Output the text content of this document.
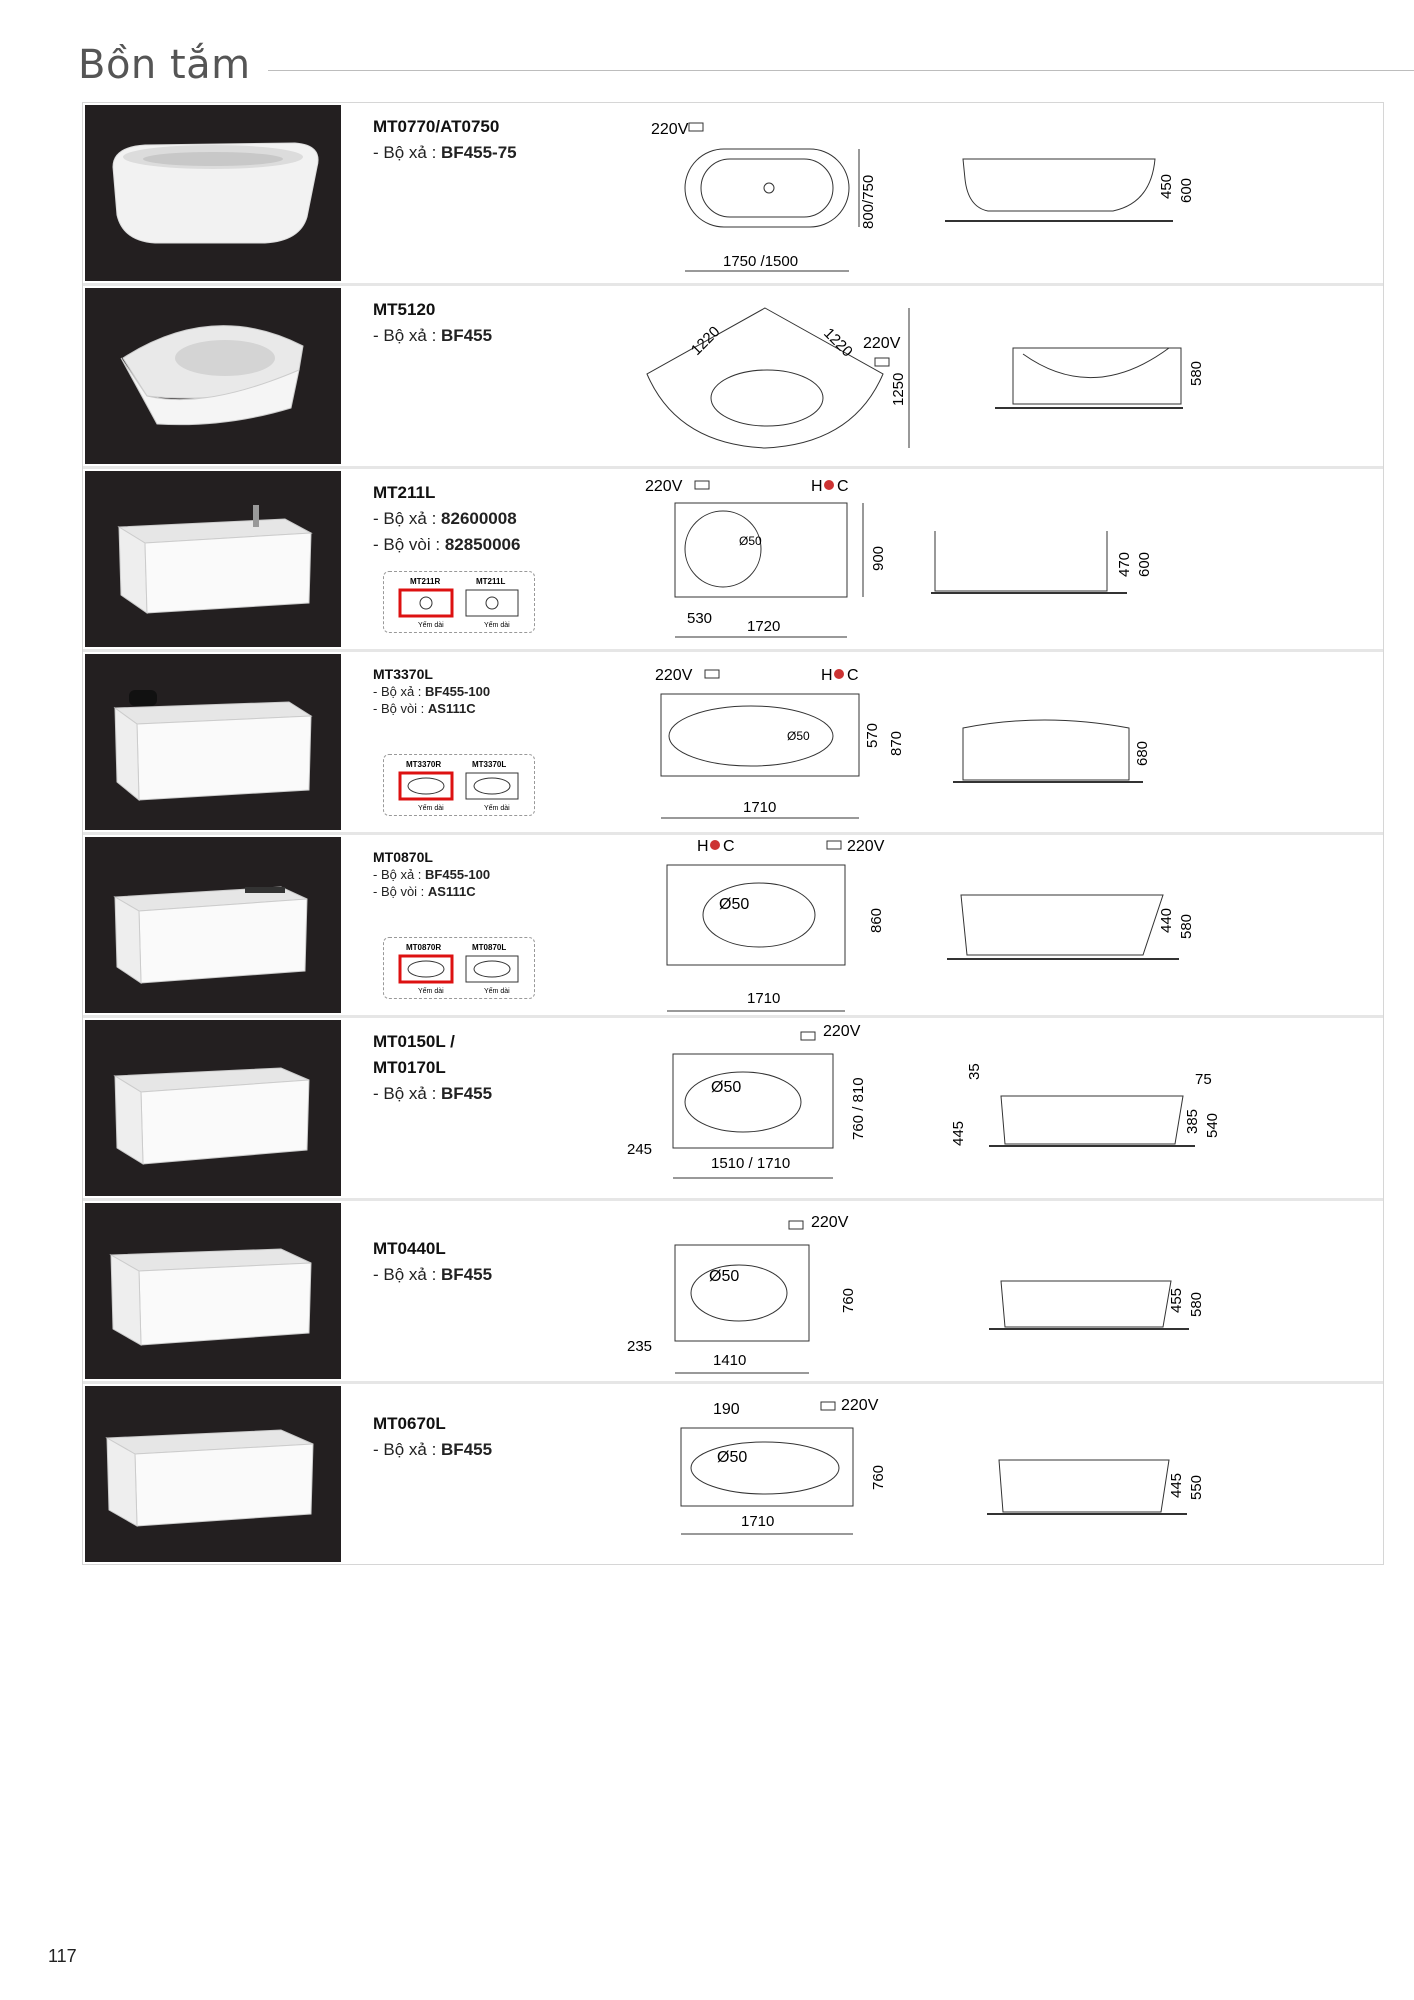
Bồn tắm
MT0770/AT0750
- Bộ xả : BF455-75
220V
1750 /1500
800/750	450 600
MT5120
- Bộ xả : BF455	1220	1220 220V
1250	580
MT211L
- Bộ xả : 82600008
- Bộ vòi : 82850006
MT211R	MT211L
Yếm dài	Yếm dài
220V	H C
Ø50
900
530 1720
470 600
MT3370L
- Bộ xả : BF455-100
- Bộ vòi : AS111C
MT3370R	MT3370L
Yếm dài	Yếm dài
220V	H C
Ø50	570 870
1710
680
MT0870L
- Bộ xả : BF455-100
- Bộ vòi : AS111C
MT0870R	MT0870L
Yếm dài	Yếm dài
H C	220V
Ø50
860
1710
440 580
MT0150L /
MT0170L
- Bộ xả : BF455
220V
Ø50	760 / 810
245
1510 / 1710
35
445
75
385 540
MT0440L
- Bộ xả : BF455
220V
Ø50
760
235
1410
455 580
MT0670L
- Bộ xả : BF455
190	220V
Ø50
760
1710
445 550
117
